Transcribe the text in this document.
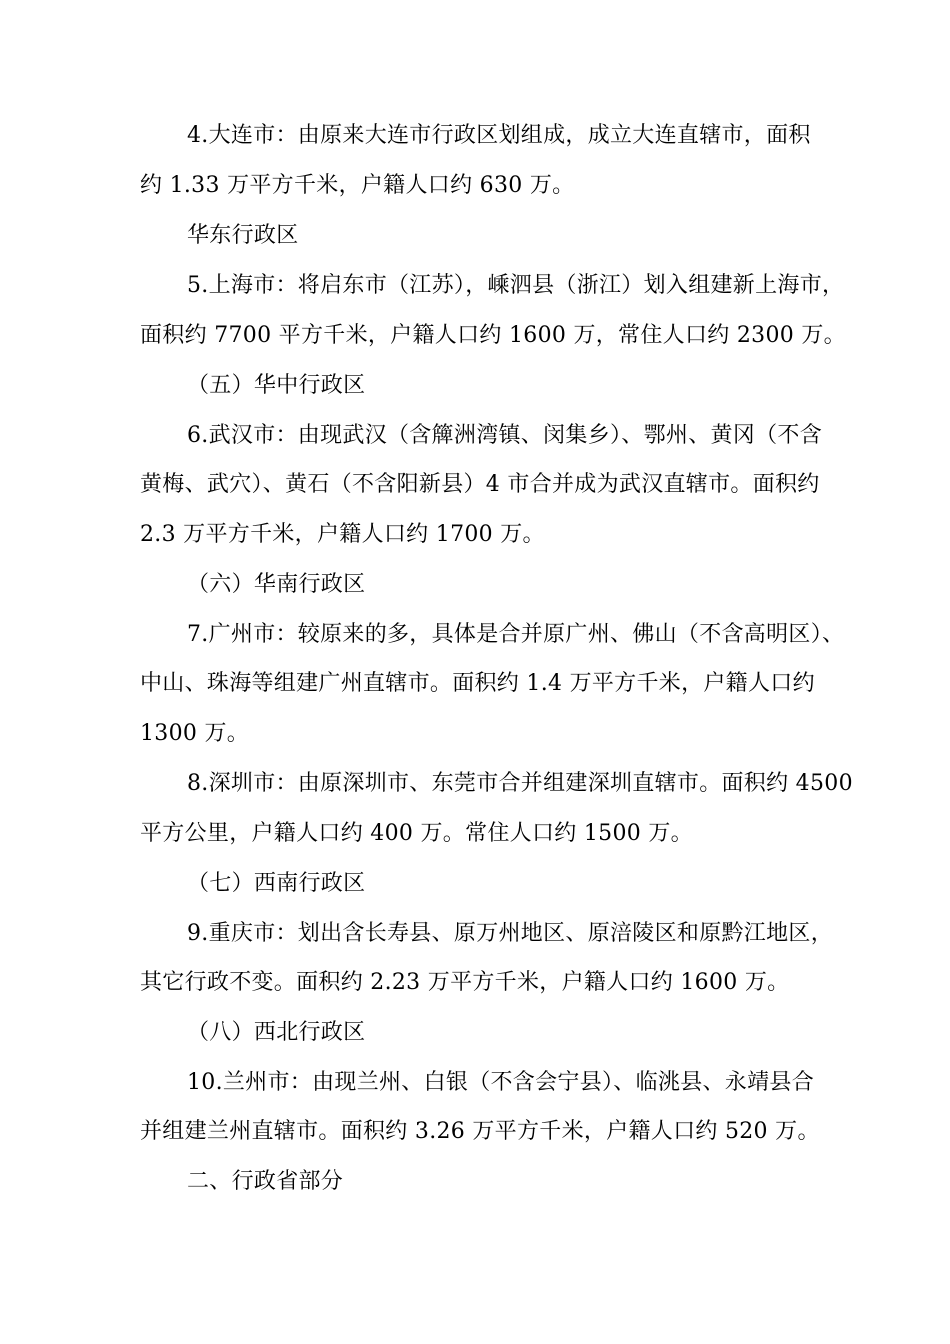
4.大连市：由原来大连市行政区划组成，成立大连直辖市，面积
约 1.33 万平方千米，户籍人口约 630 万。
华东行政区
5.上海市：将启东市（江苏），嵊泗县（浙江）划入组建新上海市，
面积约 7700 平方千米，户籍人口约 1600 万，常住人口约 2300 万。
（五）华中行政区
6.武汉市：由现武汉（含簰洲湾镇、闵集乡）、鄂州、黄冈（不含
黄梅、武穴）、黄石（不含阳新县）4 市合并成为武汉直辖市。面积约
2.3 万平方千米，户籍人口约 1700 万。
（六）华南行政区
7.广州市：较原来的多，具体是合并原广州、佛山（不含高明区）、
中山、珠海等组建广州直辖市。面积约 1.4 万平方千米，户籍人口约
1300 万。
8.深圳市：由原深圳市、东莞市合并组建深圳直辖市。面积约 4500
平方公里，户籍人口约 400 万。常住人口约 1500 万。
（七）西南行政区
9.重庆市：划出含长寿县、原万州地区、原涪陵区和原黔江地区，
其它行政不变。面积约 2.23 万平方千米，户籍人口约 1600 万。
（八）西北行政区
10.兰州市：由现兰州、白银（不含会宁县）、临洮县、永靖县合
并组建兰州直辖市。面积约 3.26 万平方千米，户籍人口约 520 万。
二、行政省部分
